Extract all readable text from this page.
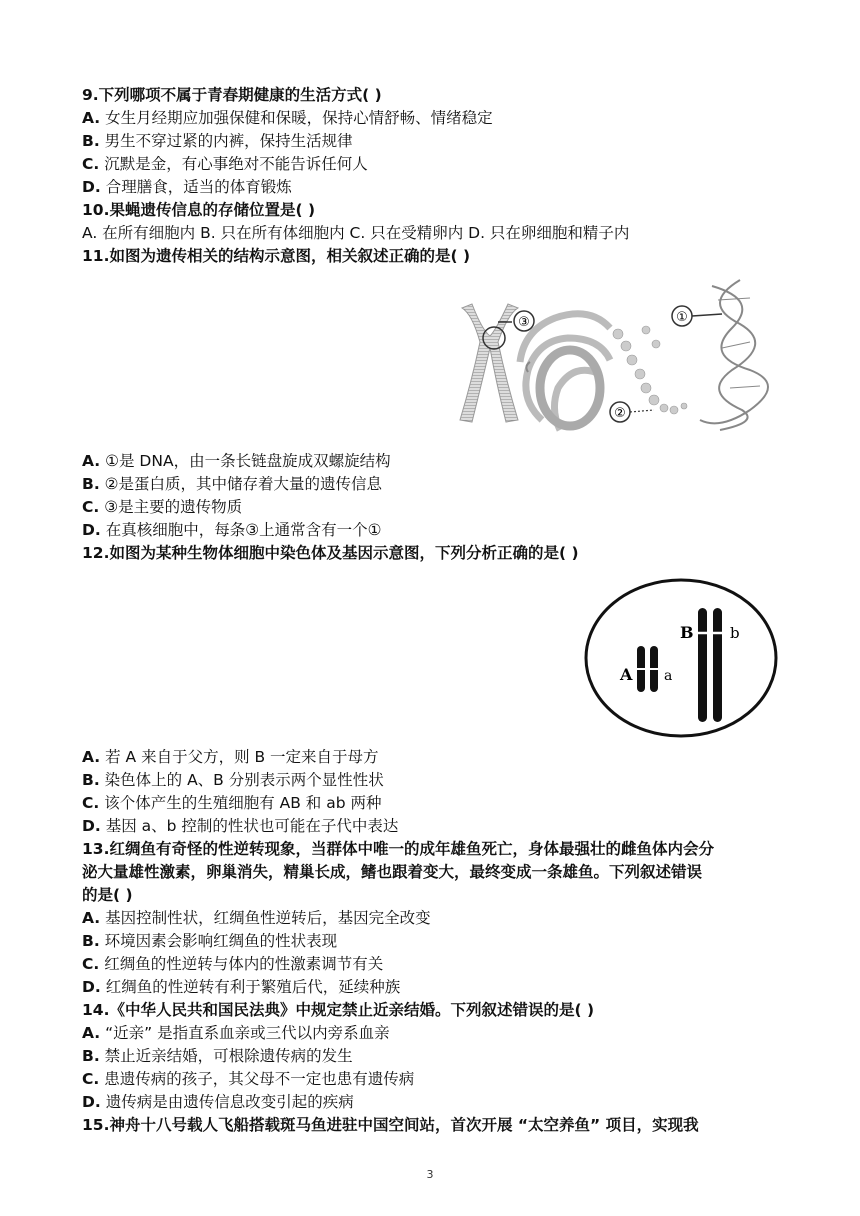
9.下列哪项不属于青春期健康的生活方式( )
A. 女生月经期应加强保健和保暖，保持心情舒畅、情绪稳定
B. 男生不穿过紧的内裤，保持生活规律
C. 沉默是金，有心事绝对不能告诉任何人
D. 合理膳食，适当的体育锻炼
10.果蝇遗传信息的存储位置是( )
A. 在所有细胞内 B. 只在所有体细胞内 C. 只在受精卵内 D. 只在卵细胞和精子内
11.如图为遗传相关的结构示意图，相关叙述正确的是( )
③	①
②
A. ①是 DNA，由一条长链盘旋成双螺旋结构
B. ②是蛋白质，其中储存着大量的遗传信息
C. ③是主要的遗传物质
D. 在真核细胞中，每条③上通常含有一个①
12.如图为某种生物体细胞中染色体及基因示意图，下列分析正确的是( )
A a
B b
A. 若 A 来自于父方，则 B 一定来自于母方
B. 染色体上的 A、B 分别表示两个显性性状
C. 该个体产生的生殖细胞有 AB 和 ab 两种
D. 基因 a、b 控制的性状也可能在子代中表达
13.红绸鱼有奇怪的性逆转现象，当群体中唯一的成年雄鱼死亡，身体最强壮的雌鱼体内会分
泌大量雄性激素，卵巢消失，精巢长成，鳍也跟着变大，最终变成一条雄鱼。下列叙述错误
的是( )
A. 基因控制性状，红绸鱼性逆转后，基因完全改变
B. 环境因素会影响红绸鱼的性状表现
C. 红绸鱼的性逆转与体内的性激素调节有关
D. 红绸鱼的性逆转有利于繁殖后代，延续种族
14.《中华人民共和国民法典》中规定禁止近亲结婚。下列叙述错误的是( )
A. “近亲” 是指直系血亲或三代以内旁系血亲
B. 禁止近亲结婚，可根除遗传病的发生
C. 患遗传病的孩子，其父母不一定也患有遗传病
D. 遗传病是由遗传信息改变引起的疾病
15.神舟十八号载人飞船搭载斑马鱼进驻中国空间站，首次开展 “太空养鱼” 项目，实现我
3
